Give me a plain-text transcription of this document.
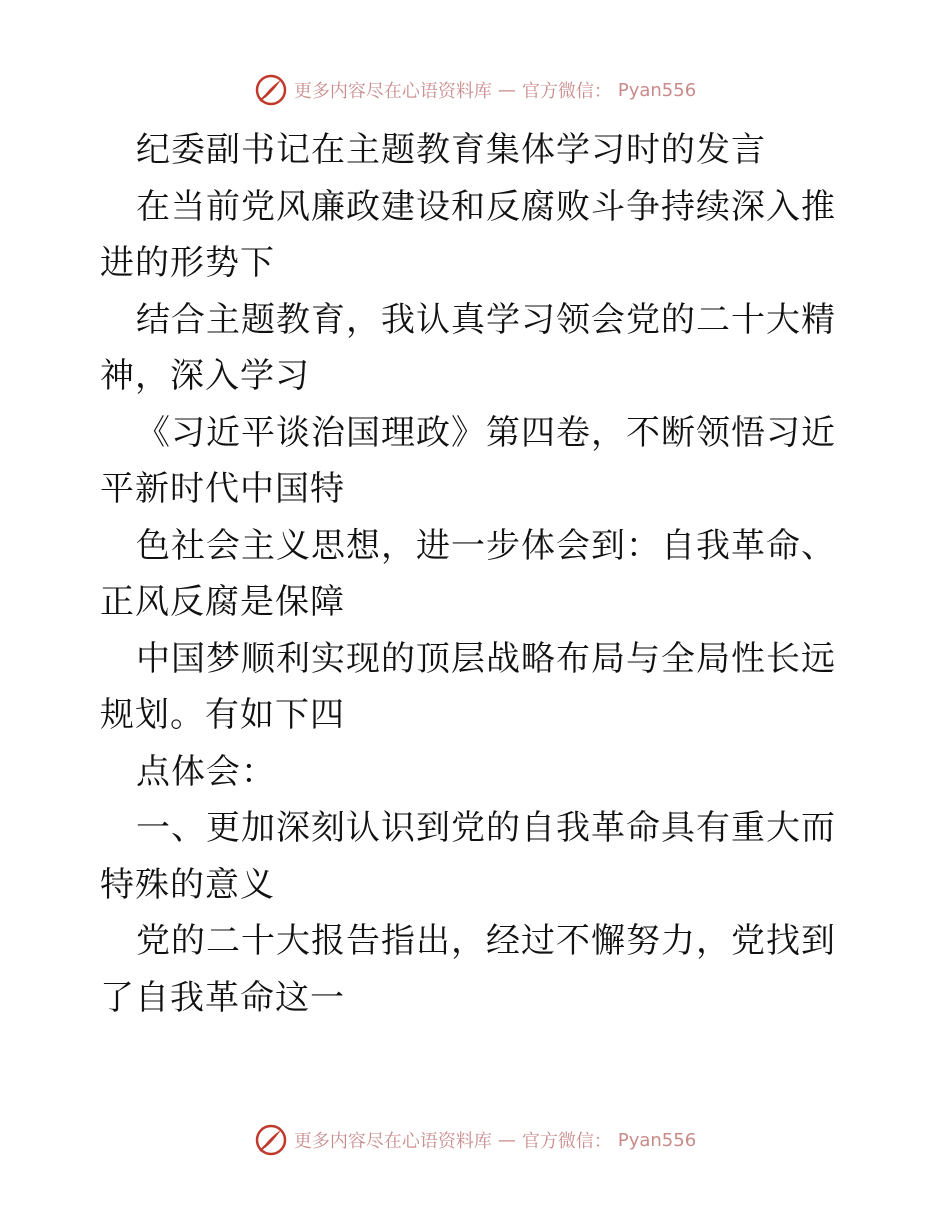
更多内容尽在心语资料库 — 官方微信： Pyan556

纪委副书记在主题教育集体学习时的发言

在当前党风廉政建设和反腐败斗争持续深入推进的形势下

结合主题教育，我认真学习领会党的二十大精神，深入学习

《习近平谈治国理政》第四卷，不断领悟习近平新时代中国特

色社会主义思想，进一步体会到：自我革命、正风反腐是保障

中国梦顺利实现的顶层战略布局与全局性长远规划。有如下四

点体会：

一、更加深刻认识到党的自我革命具有重大而特殊的意义

党的二十大报告指出，经过不懈努力，党找到了自我革命这一

更多内容尽在心语资料库 — 官方微信： Pyan556
